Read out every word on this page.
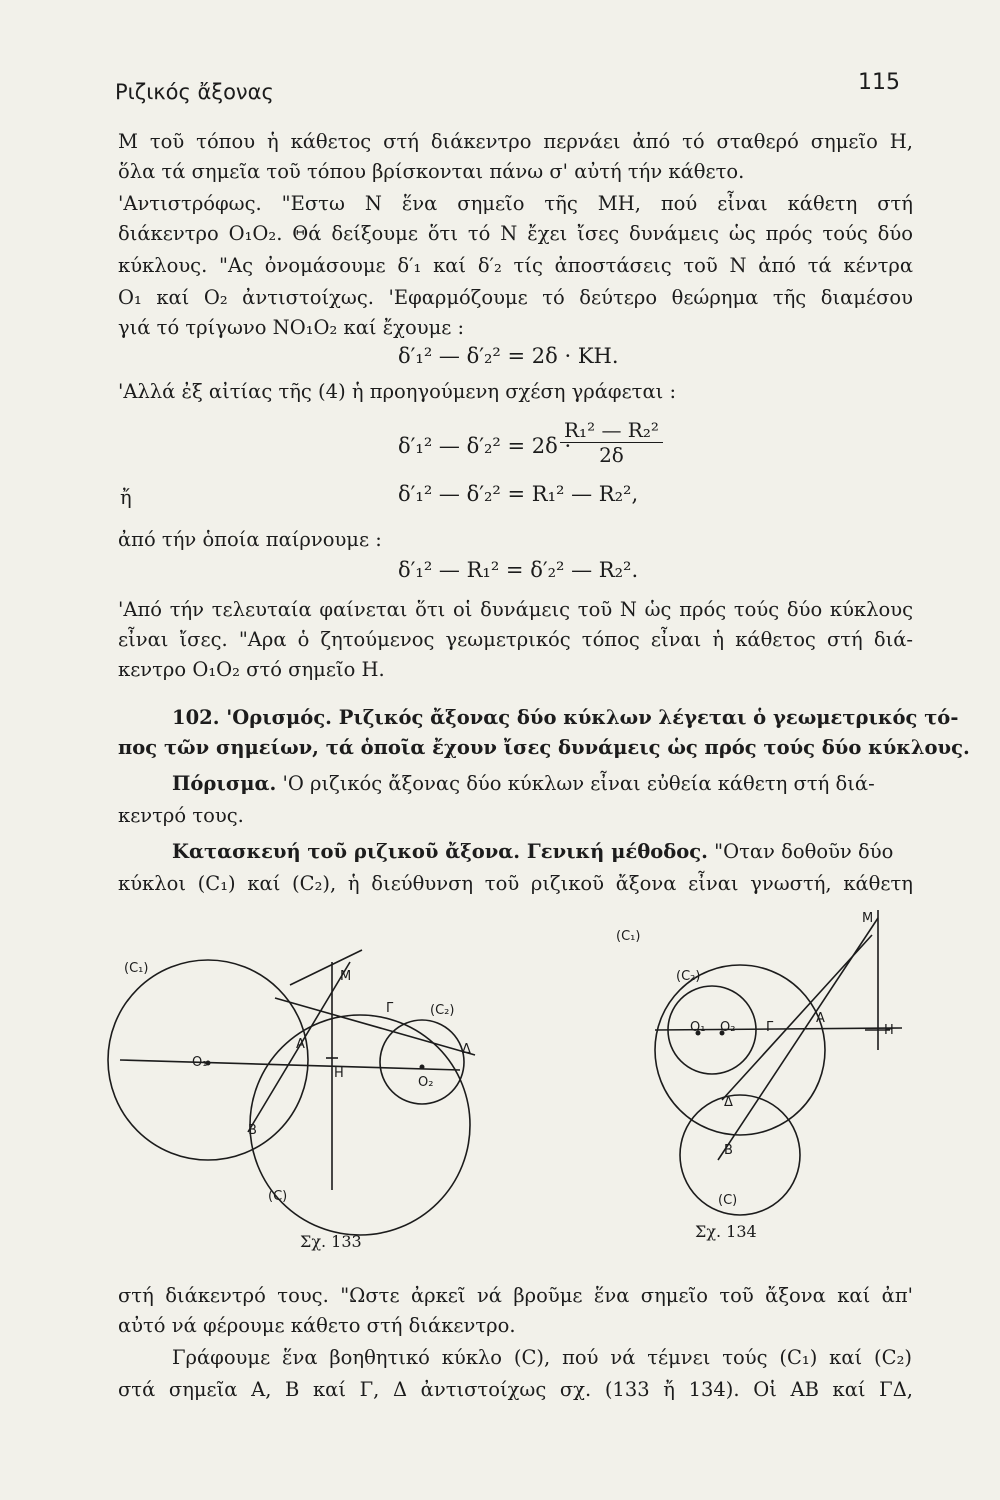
Ριζικός ἄξονας	115
M τοῦ τόπου ἡ κάθετος στή διάκεντρο περνάει ἀπό τό σταθερό σημεῖο H,
ὅλα τά σημεῖα τοῦ τόπου βρίσκονται πάνω σ' αὐτή τήν κάθετο.
'Αντιστρόφως. "Εστω N ἕνα σημεῖο τῆς MH, πού εἶναι κάθετη στή
διάκεντρο O₁O₂. Θά δείξουμε ὅτι τό N ἔχει ἴσες δυνάμεις ὡς πρός τούς δύο
κύκλους. "Ας ὀνομάσουμε δ′₁ καί δ′₂ τίς ἀποστάσεις τοῦ N ἀπό τά κέντρα
O₁ καί O₂ ἀντιστοίχως. 'Εφαρμόζουμε τό δεύτερο θεώρημα τῆς διαμέσου
γιά τό τρίγωνο NO₁O₂ καί ἔχουμε :
δ′₁² — δ′₂² = 2δ · KH.
'Αλλά ἐξ αἰτίας τῆς (4) ἡ προηγούμενη σχέση γράφεται :
δ′₁² — δ′₂² = 2δ ·
$\frac{\text{R₁² — R₂²}}{2\delta}$
ἤ	δ′₁² — δ′₂² = R₁² — R₂²,
ἀπό τήν ὁποία παίρνουμε :
δ′₁² — R₁² = δ′₂² — R₂².
'Από τήν τελευταία φαίνεται ὅτι οἱ δυνάμεις τοῦ N ὡς πρός τούς δύο κύκλους
εἶναι ἴσες. "Αρα ὁ ζητούμενος γεωμετρικός τόπος εἶναι ἡ κάθετος στή διά-
κεντρο O₁O₂ στό σημεῖο H.
102. 'Ορισμός. Ριζικός ἄξονας δύο κύκλων λέγεται ὁ γεωμετρικός τό-
πος τῶν σημείων, τά ὁποῖα ἔχουν ἴσες δυνάμεις ὡς πρός τούς δύο κύκλους.
Πόρισμα. 'O ριζικός ἄξονας δύο κύκλων εἶναι εὐθεία κάθετη στή διά-
κεντρό τους.
Κατασκευή τοῦ ριζικοῦ ἄξονα. Γενική μέθοδος. "Oταν δοθοῦν δύο
κύκλοι (C₁) καί (C₂), ἡ διεύθυνση τοῦ ριζικοῦ ἄξονα εἶναι γνωστή, κάθετη
(C₁)
M
Γ	(C₂)
A	Δ
O₁
O₂
H
B
(C)
Σχ. 133
(C₁)
M
(C₂)
O₁ O₂ Γ
A
H
Δ
B
(C)
Σχ. 134
στή διάκεντρό τους. "Ωστε ἀρκεῖ νά βροῦμε ἕνα σημεῖο τοῦ ἄξονα καί ἀπ'
αὐτό νά φέρουμε κάθετο στή διάκεντρο.
Γράφουμε ἕνα βοηθητικό κύκλο (C), πού νά τέμνει τούς (C₁) καί (C₂)
στά σημεῖα A, B καί Γ, Δ ἀντιστοίχως σχ. (133 ἤ 134). Οἱ AB καί ΓΔ,
